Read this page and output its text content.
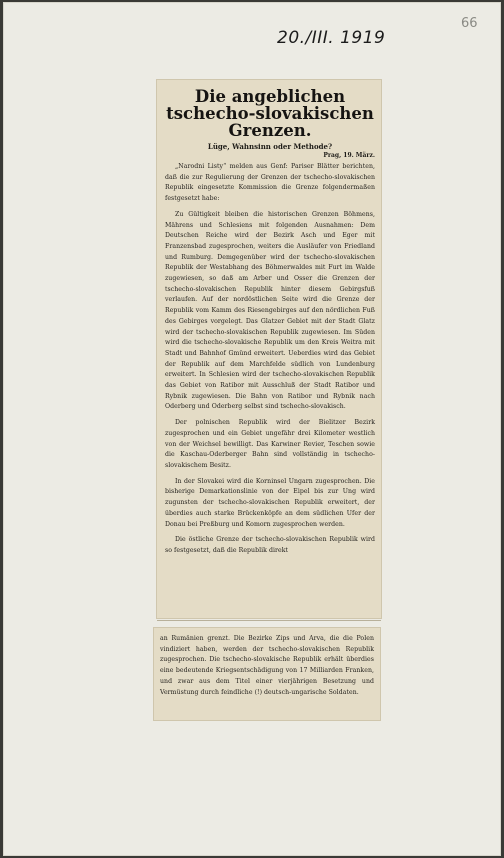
20./III. 1919
66
Die angeblichen tschecho-slovakischen Grenzen.
Lüge, Wahnsinn oder Methode?
Prag, 19. März.

„Narodni Listy“ melden aus Genf: Pariser Blätter berichten, daß die zur Regulierung der Grenzen der tschecho-slovakischen Republik eingesetzte Kommission die Grenze folgendermaßen festgesetzt habe:

Zu Gültigkeit bleiben die historischen Grenzen Böhmens, Mährens und Schlesiens mit folgenden Ausnahmen: Dem Deutschen Reiche wird der Bezirk Asch und Eger mit Franzensbad zugesprochen, weiters die Ausläufer von Friedland und Rumburg. Demgegenüber wird der tschecho-slovakischen Republik der Westabhang des Böhmerwaldes mit Furt im Walde zugewiesen, so daß am Arber und Osser die Grenzen der tschecho-slovakischen Republik hinter diesem Gebirgsfuß verlaufen. Auf der nordöstlichen Seite wird die Grenze der Republik vom Kamm des Riesengebirges auf den nördlichen Fuß des Gebirges vorgelegt. Das Glatzer Gebiet mit der Stadt Glatz wird der tschecho-slovakischen Republik zugewiesen. Im Süden wird die tschecho-slovakische Republik um den Kreis Weitra mit Stadt und Bahnhof Gmünd erweitert. Ueberdies wird das Gebiet der Republik auf dem Marchfelde südlich von Lundenburg erweitert. In Schlesien wird der tschecho-slovakischen Republik das Gebiet von Ratibor mit Ausschluß der Stadt Ratibor und Rybnik zugewiesen. Die Bahn von Ratibor und Rybnik nach Oderberg und Oderberg selbst sind tschecho-slovakisch.

Der polnischen Republik wird der Bielitzer Bezirk zugesprochen und ein Gebiet ungefähr drei Kilometer westlich von der Weichsel bewilligt. Das Karwiner Revier, Teschen sowie die Kaschau-Oderberger Bahn sind vollständig in tschecho-slovakischem Besitz.

In der Slovakei wird die Korninsel Ungarn zugesprochen. Die bisherige Demarkationslinie von der Eipel bis zur Ung wird zugunsten der tschecho-slovakischen Republik erweitert, der überdies auch starke Brückenköpfe an dem südlichen Ufer der Donau bei Preßburg und Komorn zugesprochen werden.

Die östliche Grenze der tschecho-slovakischen Republik wird so festgesetzt, daß die Republik direkt

an Rumänien grenzt. Die Bezirke Zips und Arva, die die Polen vindiziert haben, werden der tschecho-slovakischen Republik zugesprochen. Die tschecho-slovakische Republik erhält überdies eine bedeutende Kriegsentschädigung von 17 Milliarden Franken, und zwar aus dem Titel einer vierjährigen Besetzung und Vermüstung durch feindliche (!) deutsch-ungarische Soldaten.
